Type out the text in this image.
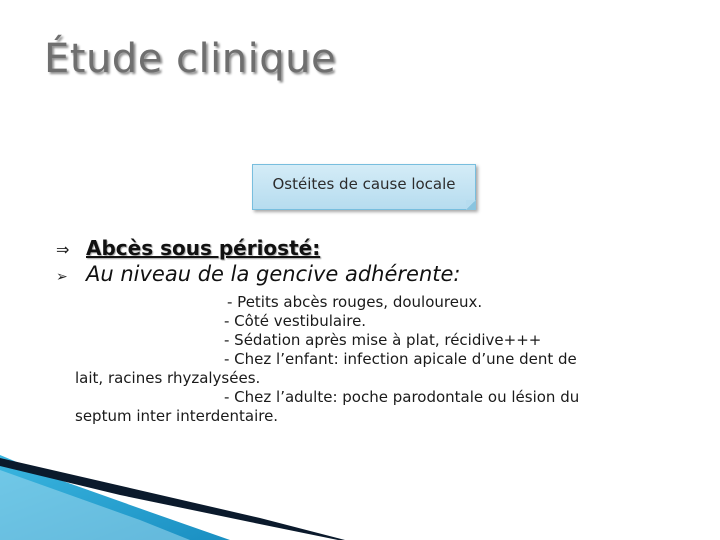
Étude clinique
Ostéites de cause locale
⇒ Abcès sous périosté:
➢ Au niveau de la gencive adhérente:
- Petits abcès rouges, douloureux.
- Côté vestibulaire.
- Sédation après mise à plat, récidive+++
- Chez l’enfant: infection apicale d’une dent de
lait, racines rhyzalysées.
- Chez l’adulte: poche parodontale ou lésion du
septum inter interdentaire.
